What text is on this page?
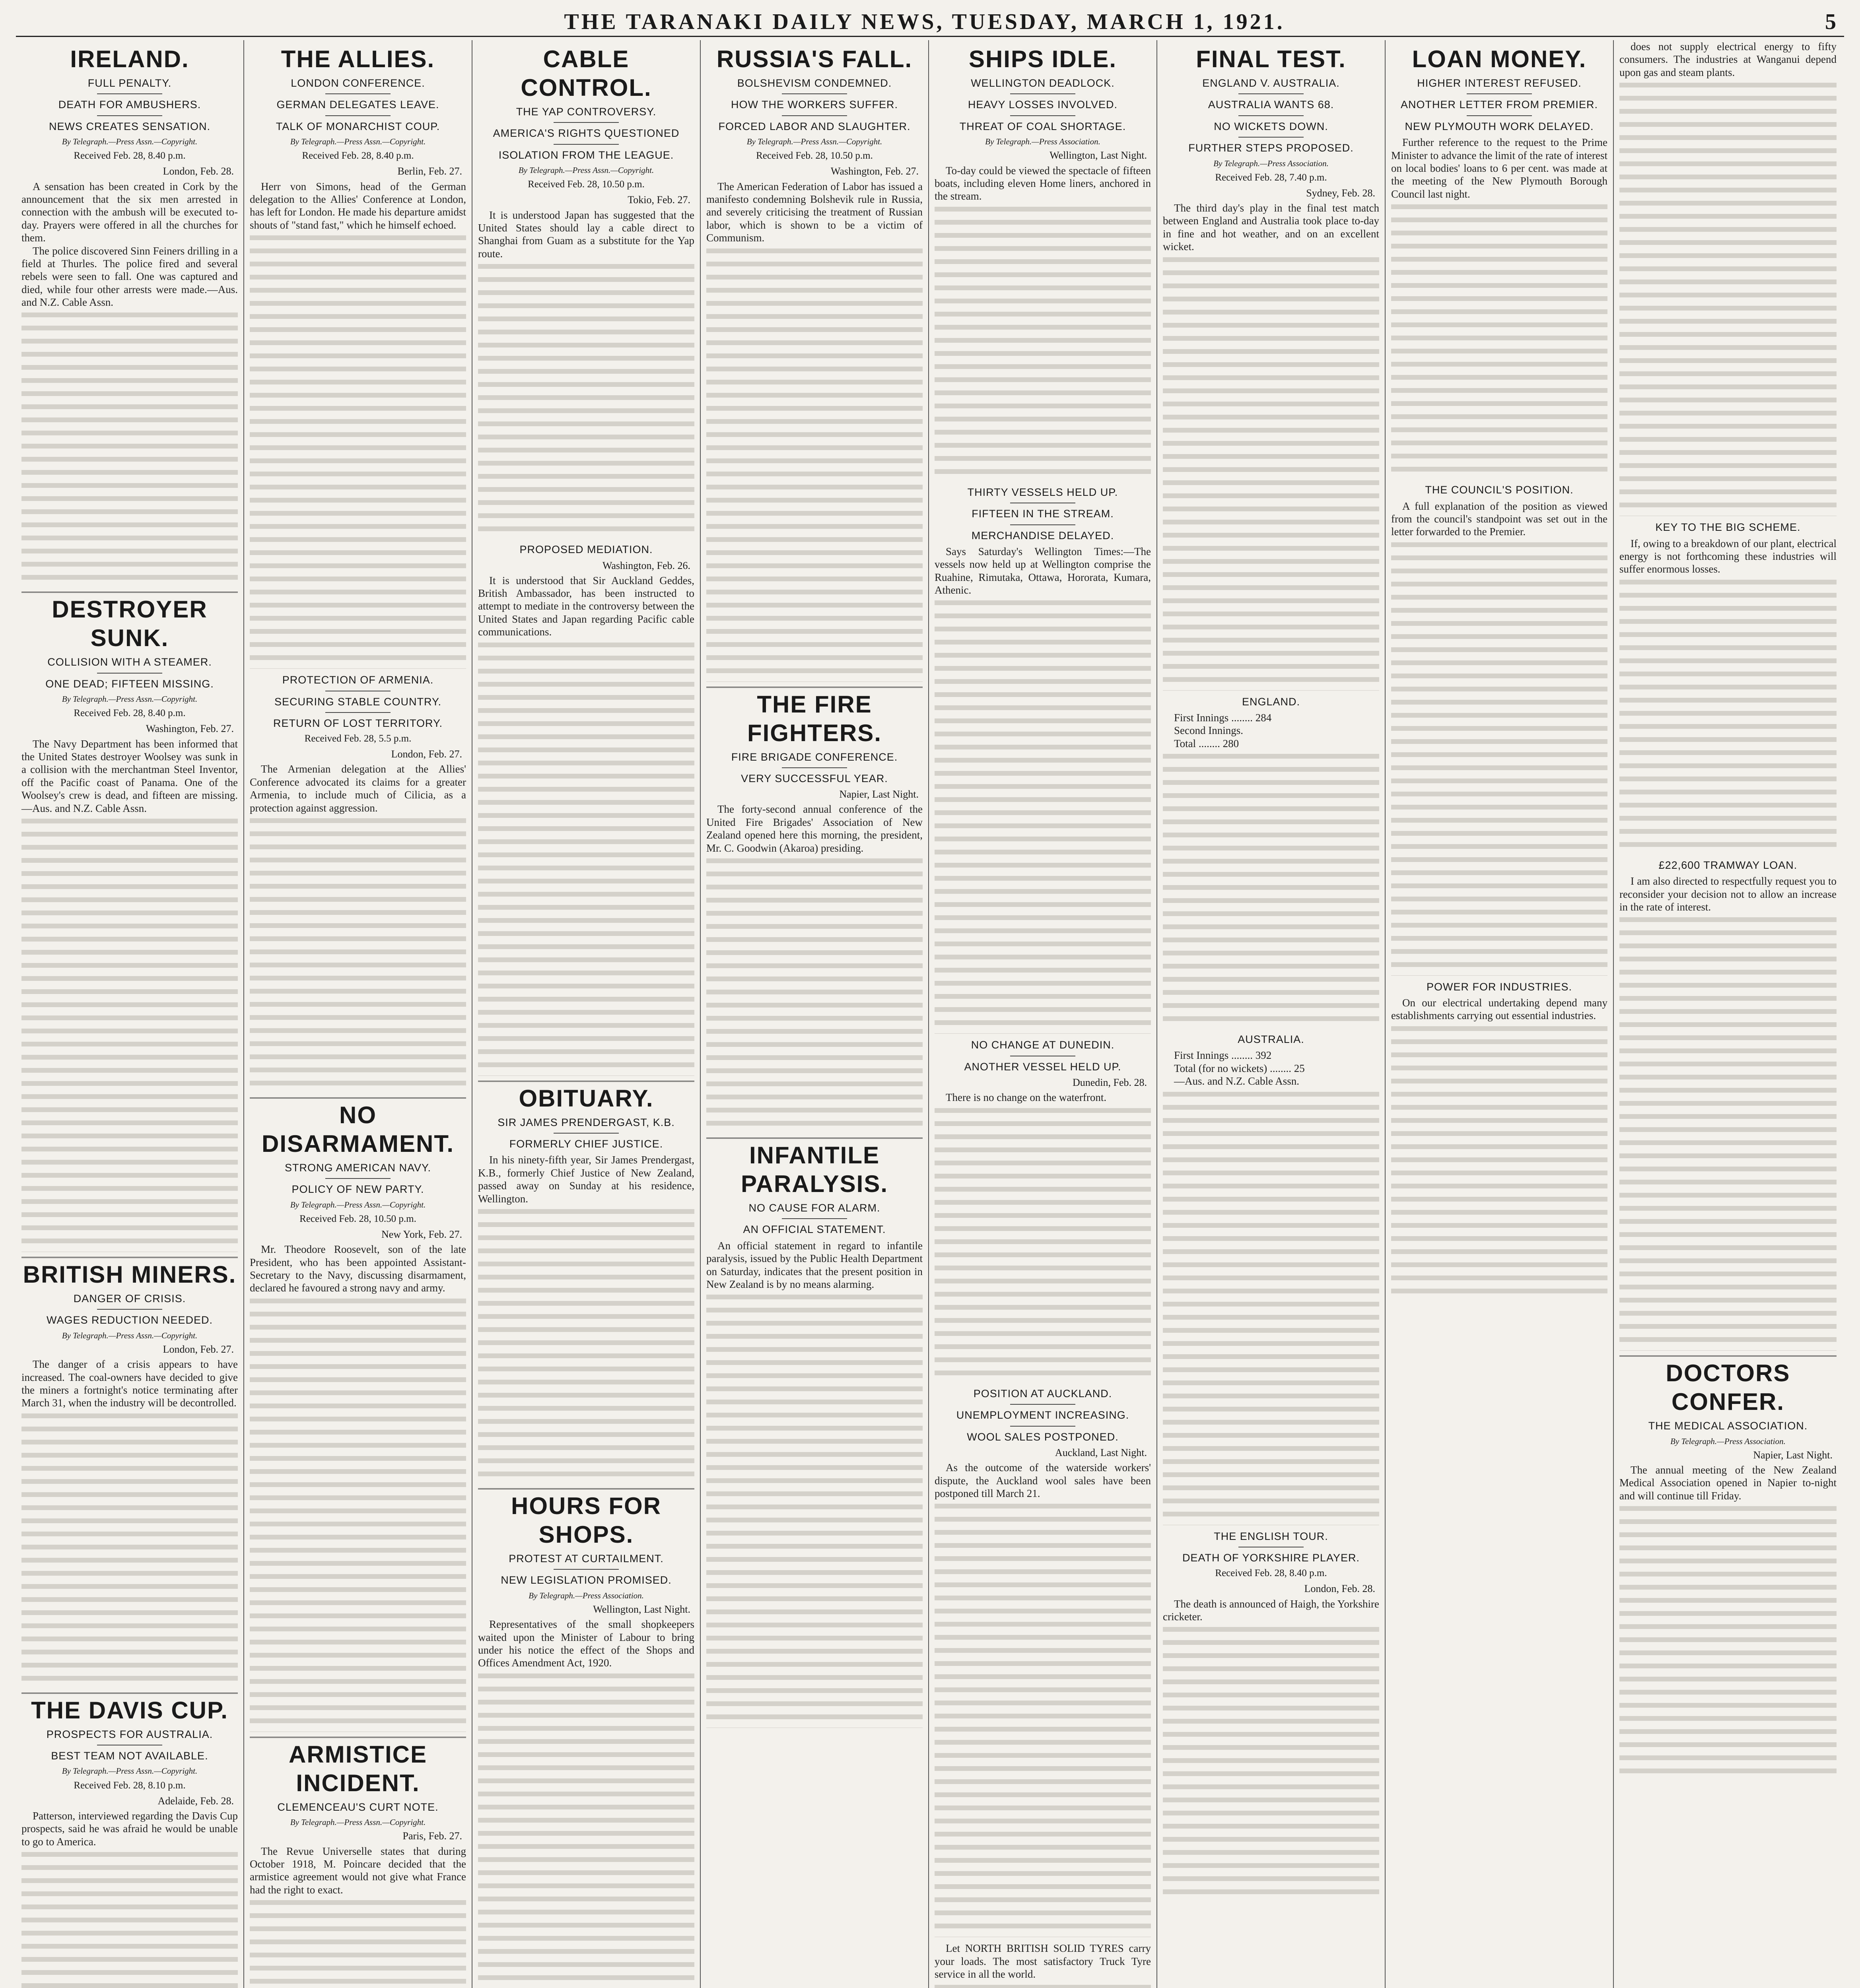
THE TARANAKI DAILY NEWS, TUESDAY, MARCH 1, 1921.	5
IRELAND.
FULL PENALTY.
DEATH FOR AMBUSHERS.
NEWS CREATES SENSATION.
By Telegraph.—Press Assn.—Copyright.
Received Feb. 28, 8.40 p.m.
London, Feb. 28.

A sensation has been created in Cork by the announcement that the six men arrested in connection with the ambush will be executed to-day. Prayers were offered in all the churches for them.

The police discovered Sinn Feiners drilling in a field at Thurles. The police fired and several rebels were seen to fall. One was captured and died, while four other arrests were made.—Aus. and N.Z. Cable Assn.

DESTROYER SUNK.
COLLISION WITH A STEAMER.
ONE DEAD; FIFTEEN MISSING.
By Telegraph.—Press Assn.—Copyright.
Received Feb. 28, 8.40 p.m.
Washington, Feb. 27.

The Navy Department has been informed that the United States destroyer Woolsey was sunk in a collision with the merchantman Steel Inventor, off the Pacific coast of Panama. One of the Woolsey's crew is dead, and fifteen are missing.—Aus. and N.Z. Cable Assn.

BRITISH MINERS.
DANGER OF CRISIS.
WAGES REDUCTION NEEDED.
By Telegraph.—Press Assn.—Copyright.
London, Feb. 27.

The danger of a crisis appears to have increased. The coal-owners have decided to give the miners a fortnight's notice terminating after March 31, when the industry will be decontrolled.

THE DAVIS CUP.
PROSPECTS FOR AUSTRALIA.
BEST TEAM NOT AVAILABLE.
By Telegraph.—Press Assn.—Copyright.
Received Feb. 28, 8.10 p.m.
Adelaide, Feb. 28.

Patterson, interviewed regarding the Davis Cup prospects, said he was afraid he would be unable to go to America.

THE ALLIES.
LONDON CONFERENCE.
GERMAN DELEGATES LEAVE.
TALK OF MONARCHIST COUP.
By Telegraph.—Press Assn.—Copyright.
Received Feb. 28, 8.40 p.m.
Berlin, Feb. 27.

Herr von Simons, head of the German delegation to the Allies' Conference at London, has left for London. He made his departure amidst shouts of "stand fast," which he himself echoed.

PROTECTION OF ARMENIA.
SECURING STABLE COUNTRY.
RETURN OF LOST TERRITORY.
Received Feb. 28, 5.5 p.m.
London, Feb. 27.

The Armenian delegation at the Allies' Conference advocated its claims for a greater Armenia, to include much of Cilicia, as a protection against aggression.

NO DISARMAMENT.
STRONG AMERICAN NAVY.
POLICY OF NEW PARTY.
By Telegraph.—Press Assn.—Copyright.
Received Feb. 28, 10.50 p.m.
New York, Feb. 27.

Mr. Theodore Roosevelt, son of the late President, who has been appointed Assistant-Secretary to the Navy, discussing disarmament, declared he favoured a strong navy and army.

ARMISTICE INCIDENT.
CLEMENCEAU'S CURT NOTE.
By Telegraph.—Press Assn.—Copyright.
Paris, Feb. 27.

The Revue Universelle states that during October 1918, M. Poincare decided that the armistice agreement would not give what France had the right to exact.

CABLE CONTROL.
THE YAP CONTROVERSY.
AMERICA'S RIGHTS QUESTIONED
ISOLATION FROM THE LEAGUE.
By Telegraph.—Press Assn.—Copyright.
Received Feb. 28, 10.50 p.m.
Tokio, Feb. 27.

It is understood Japan has suggested that the United States should lay a cable direct to Shanghai from Guam as a substitute for the Yap route.

PROPOSED MEDIATION.
Washington, Feb. 26.

It is understood that Sir Auckland Geddes, British Ambassador, has been instructed to attempt to mediate in the controversy between the United States and Japan regarding Pacific cable communications.

OBITUARY.
SIR JAMES PRENDERGAST, K.B.
FORMERLY CHIEF JUSTICE.

In his ninety-fifth year, Sir James Prendergast, K.B., formerly Chief Justice of New Zealand, passed away on Sunday at his residence, Wellington.

HOURS FOR SHOPS.
PROTEST AT CURTAILMENT.
NEW LEGISLATION PROMISED.
By Telegraph.—Press Association.
Wellington, Last Night.

Representatives of the small shopkeepers waited upon the Minister of Labour to bring under his notice the effect of the Shops and Offices Amendment Act, 1920.

RUSSIA'S FALL.
BOLSHEVISM CONDEMNED.
HOW THE WORKERS SUFFER.
FORCED LABOR AND SLAUGHTER.
By Telegraph.—Press Assn.—Copyright.
Received Feb. 28, 10.50 p.m.
Washington, Feb. 27.

The American Federation of Labor has issued a manifesto condemning Bolshevik rule in Russia, and severely criticising the treatment of Russian labor, which is shown to be a victim of Communism.

THE FIRE FIGHTERS.
FIRE BRIGADE CONFERENCE.
VERY SUCCESSFUL YEAR.
Napier, Last Night.

The forty-second annual conference of the United Fire Brigades' Association of New Zealand opened here this morning, the president, Mr. C. Goodwin (Akaroa) presiding.

INFANTILE PARALYSIS.
NO CAUSE FOR ALARM.
AN OFFICIAL STATEMENT.

An official statement in regard to infantile paralysis, issued by the Public Health Department on Saturday, indicates that the present position in New Zealand is by no means alarming.

SHIPS IDLE.
WELLINGTON DEADLOCK.
HEAVY LOSSES INVOLVED.
THREAT OF COAL SHORTAGE.
By Telegraph.—Press Association.
Wellington, Last Night.

To-day could be viewed the spectacle of fifteen boats, including eleven Home liners, anchored in the stream.

THIRTY VESSELS HELD UP.
FIFTEEN IN THE STREAM.
MERCHANDISE DELAYED.

Says Saturday's Wellington Times:—The vessels now held up at Wellington comprise the Ruahine, Rimutaka, Ottawa, Hororata, Kumara, Athenic.

NO CHANGE AT DUNEDIN.
ANOTHER VESSEL HELD UP.
Dunedin, Feb. 28.

There is no change on the waterfront.

POSITION AT AUCKLAND.
UNEMPLOYMENT INCREASING.
WOOL SALES POSTPONED.
Auckland, Last Night.

As the outcome of the waterside workers' dispute, the Auckland wool sales have been postponed till March 21.

Let NORTH BRITISH SOLID TYRES carry your loads. The most satisfactory Truck Tyre service in all the world.

FINAL TEST.
ENGLAND V. AUSTRALIA.
AUSTRALIA WANTS 68.
NO WICKETS DOWN.
FURTHER STEPS PROPOSED.
By Telegraph.—Press Association.
Received Feb. 28, 7.40 p.m.
Sydney, Feb. 28.

The third day's play in the final test match between England and Australia took place to-day in fine and hot weather, and on an excellent wicket.

ENGLAND.

First Innings ........ 284

Second Innings.

Total ........ 280

AUSTRALIA.

First Innings ........ 392

Total (for no wickets) ........ 25

—Aus. and N.Z. Cable Assn.

THE ENGLISH TOUR.
DEATH OF YORKSHIRE PLAYER.
Received Feb. 28, 8.40 p.m.
London, Feb. 28.

The death is announced of Haigh, the Yorkshire cricketer.

LOAN MONEY.
HIGHER INTEREST REFUSED.
ANOTHER LETTER FROM PREMIER.
NEW PLYMOUTH WORK DELAYED.

Further reference to the request to the Prime Minister to advance the limit of the rate of interest on local bodies' loans to 6 per cent. was made at the meeting of the New Plymouth Borough Council last night.

THE COUNCIL'S POSITION.

A full explanation of the position as viewed from the council's standpoint was set out in the letter forwarded to the Premier.

POWER FOR INDUSTRIES.

On our electrical undertaking depend many establishments carrying out essential industries.

does not supply electrical energy to fifty consumers. The industries at Wanganui depend upon gas and steam plants.

KEY TO THE BIG SCHEME.

If, owing to a breakdown of our plant, electrical energy is not forthcoming these industries will suffer enormous losses.

£22,600 TRAMWAY LOAN.

I am also directed to respectfully request you to reconsider your decision not to allow an increase in the rate of interest.

DOCTORS CONFER.
THE MEDICAL ASSOCIATION.
By Telegraph.—Press Association.
Napier, Last Night.

The annual meeting of the New Zealand Medical Association opened in Napier to-night and will continue till Friday.
